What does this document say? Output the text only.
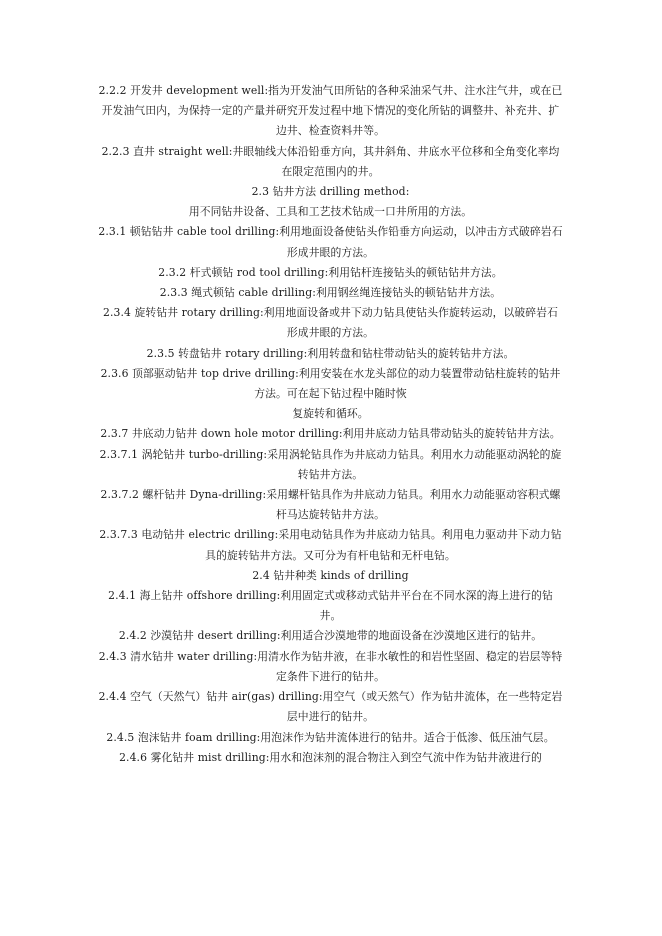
2.2.2 开发井 development well:指为开发油气田所钻的各种采油采气井、注水注气井，或在已开发油气田内，为保持一定的产量并研究开发过程中地下情况的变化所钻的调整井、补充井、扩边井、检查资料井等。

2.2.3 直井 straight well:井眼轴线大体沿铅垂方向，其井斜角、井底水平位移和全角变化率均在限定范围内的井。

2.3 钻井方法 drilling method:

用不同钻井设备、工具和工艺技术钻成一口井所用的方法。

2.3.1 顿钻钻井 cable tool drilling:利用地面设备使钻头作铅垂方向运动，以冲击方式破碎岩石形成井眼的方法。

2.3.2 杆式顿钻 rod tool drilling:利用钻杆连接钻头的顿钻钻井方法。

2.3.3 绳式顿钻 cable drilling:利用钢丝绳连接钻头的顿钻钻井方法。

2.3.4 旋转钻井 rotary drilling:利用地面设备或井下动力钻具使钻头作旋转运动，以破碎岩石形成井眼的方法。

2.3.5 转盘钻井 rotary drilling:利用转盘和钻柱带动钻头的旋转钻井方法。

2.3.6 顶部驱动钻井 top drive drilling:利用安装在水龙头部位的动力装置带动钻柱旋转的钻井方法。可在起下钻过程中随时恢

复旋转和循环。

2.3.7 井底动力钻井 down hole motor drilling:利用井底动力钻具带动钻头的旋转钻井方法。

2.3.7.1 涡轮钻井 turbo-drilling:采用涡轮钻具作为井底动力钻具。利用水力动能驱动涡轮的旋转钻井方法。

2.3.7.2 螺杆钻井 Dyna-drilling:采用螺杆钻具作为井底动力钻具。利用水力动能驱动容积式螺杆马达旋转钻井方法。

2.3.7.3 电动钻井 electric drilling:采用电动钻具作为井底动力钻具。利用电力驱动井下动力钻具的旋转钻井方法。又可分为有杆电钻和无杆电钻。

2.4 钻井种类 kinds of drilling

2.4.1 海上钻井 offshore drilling:利用固定式或移动式钻井平台在不同水深的海上进行的钻井。

2.4.2 沙漠钻井 desert drilling:利用适合沙漠地带的地面设备在沙漠地区进行的钻井。

2.4.3 清水钻井 water drilling:用清水作为钻井液，在非水敏性的和岩性坚固、稳定的岩层等特定条件下进行的钻井。

2.4.4 空气（天然气）钻井 air(gas) drilling:用空气（或天然气）作为钻井流体，在一些特定岩层中进行的钻井。

2.4.5 泡沫钻井 foam drilling:用泡沫作为钻井流体进行的钻井。适合于低渗、低压油气层。

2.4.6 雾化钻井 mist drilling:用水和泡沫剂的混合物注入到空气流中作为钻井液进行的
